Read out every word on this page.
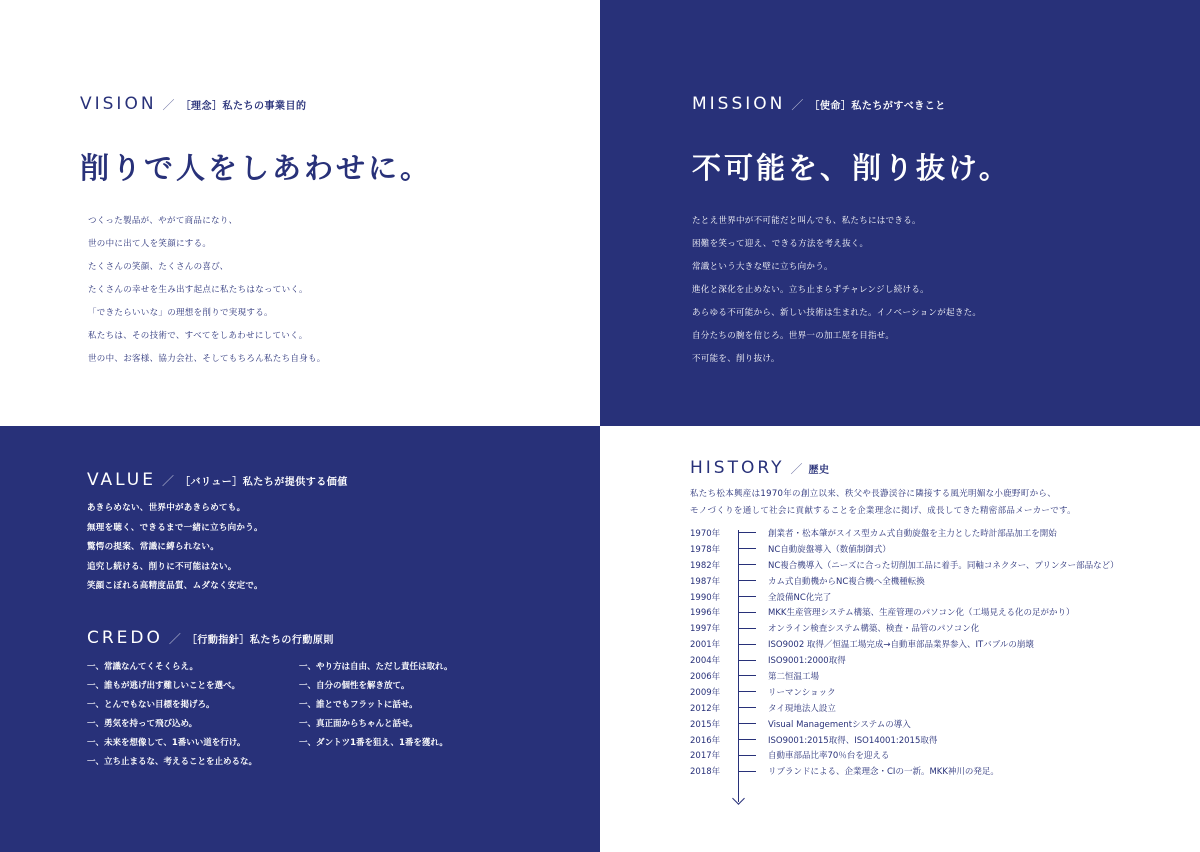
VISION ／ ［理念］私たちの事業目的
削りで人をしあわせに。
つくった製品が、やがて商品になり、
世の中に出て人を笑顔にする。
たくさんの笑顔、たくさんの喜び、
たくさんの幸せを生み出す起点に私たちはなっていく。
「できたらいいな」の理想を削りで実現する。
私たちは、その技術で、すべてをしあわせにしていく。
世の中、お客様、協力会社、そしてもちろん私たち自身も。
MISSION ／ ［使命］私たちがすべきこと
不可能を、削り抜け。
たとえ世界中が不可能だと叫んでも、私たちにはできる。
困難を笑って迎え、できる方法を考え抜く。
常識という大きな壁に立ち向かう。
進化と深化を止めない。立ち止まらずチャレンジし続ける。
あらゆる不可能から、新しい技術は生まれた。イノベーションが起きた。
自分たちの腕を信じろ。世界一の加工屋を目指せ。
不可能を、削り抜け。
VALUE ／ ［バリュー］私たちが提供する価値
あきらめない、世界中があきらめても。
無理を聴く、できるまで一緒に立ち向かう。
驚愕の提案、常識に縛られない。
追究し続ける、削りに不可能はない。
笑顔こぼれる高精度品質、ムダなく安定で。
CREDO ／ ［行動指針］私たちの行動原則
一、常識なんてくそくらえ。
一、誰もが逃げ出す難しいことを選べ。
一、とんでもない目標を掲げろ。
一、勇気を持って飛び込め。
一、未来を想像して、1番いい道を行け。
一、立ち止まるな、考えることを止めるな。
一、やり方は自由、ただし責任は取れ。
一、自分の個性を解き放て。
一、誰とでもフラットに話せ。
一、真正面からちゃんと話せ。
一、ダントツ1番を狙え、1番を獲れ。
HISTORY ／ 歴史
私たち松本興産は1970年の創立以来、秩父や長瀞渓谷に隣接する風光明媚な小鹿野町から、
モノづくりを通して社会に貢献することを企業理念に掲げ、成長してきた精密部品メーカーです。
1970年	創業者・松本肇がスイス型カム式自動旋盤を主力とした時計部品加工を開始
1978年	NC自動旋盤導入（数値制御式）
1982年	NC複合機導入（ニーズに合った切削加工品に着手。同軸コネクター、プリンター部品など）
1987年	カム式自動機からNC複合機へ全機種転換
1990年	全設備NC化完了
1996年	MKK生産管理システム構築、生産管理のパソコン化（工場見える化の足がかり）
1997年	オンライン検査システム構築、検査・品管のパソコン化
2001年	ISO9002 取得／恒温工場完成→自動車部品業界参入、ITバブルの崩壊
2004年	ISO9001:2000取得
2006年	第二恒温工場
2009年	リーマンショック
2012年	タイ現地法人設立
2015年	Visual Managementシステムの導入
2016年	ISO9001:2015取得、ISO14001:2015取得
2017年	自動車部品比率70％台を迎える
2018年	リブランドによる、企業理念・CIの一新。MKK神川の発足。
